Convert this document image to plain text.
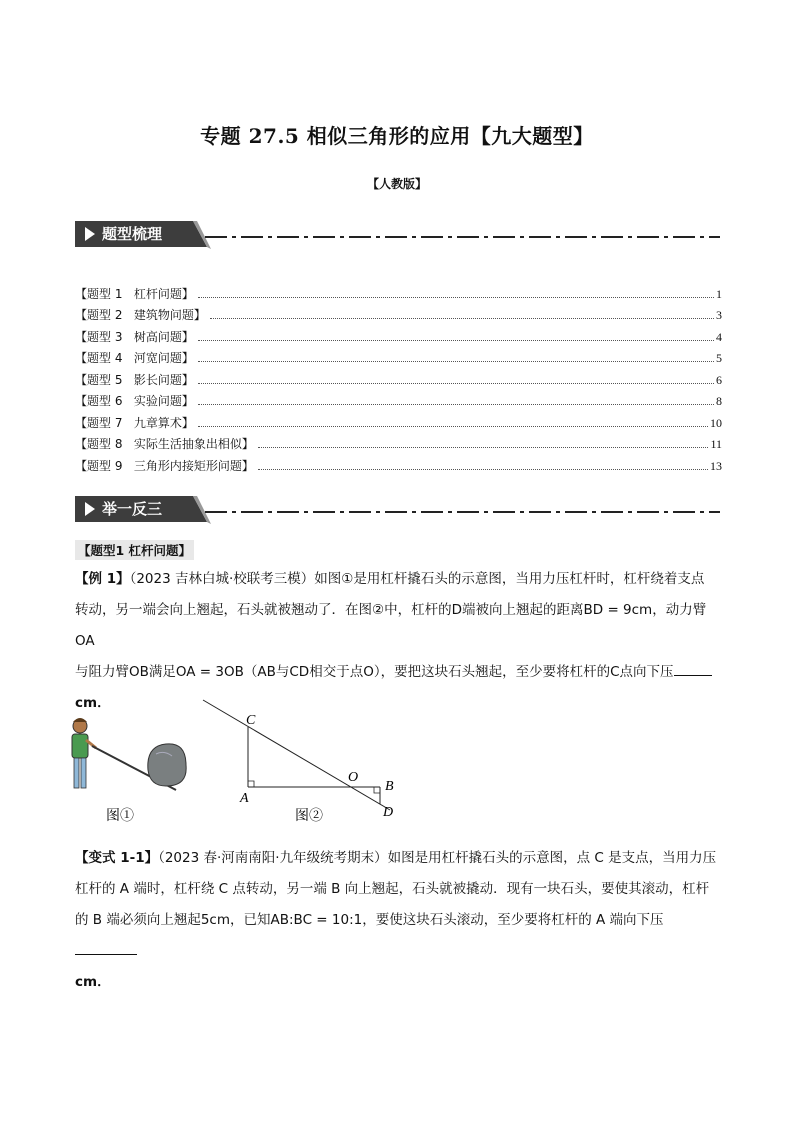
专题 27.5 相似三角形的应用【九大题型】
【人教版】
题型梳理
【题型 1   杠杆问题】	1
【题型 2   建筑物问题】	3
【题型 3   树高问题】	4
【题型 4   河宽问题】	5
【题型 5   影长问题】	6
【题型 6   实验问题】	8
【题型 7   九章算术】	10
【题型 8   实际生活抽象出相似】	11
【题型 9   三角形内接矩形问题】	13
举一反三
【题型1 杠杆问题】
【例 1】（2023 吉林白城·校联考三模）如图①是用杠杆撬石头的示意图，当用力压杠杆时，杠杆绕着支点
转动，另一端会向上翘起，石头就被翘动了．在图②中，杠杆的D端被向上翘起的距离BD = 9cm，动力臂OA
与阻力臂OB满足OA = 3OB（AB与CD相交于点O），要把这块石头翘起，至少要将杠杆的C点向下压
cm．
图①
C
A
O
B
D
图②
【变式 1-1】（2023 春·河南南阳·九年级统考期末）如图是用杠杆撬石头的示意图，点 C 是支点，当用力压
杠杆的 A 端时，杠杆绕 C 点转动，另一端 B 向上翘起，石头就被撬动．现有一块石头，要使其滚动，杠杆
的 B 端必须向上翘起5cm，已知AB:BC = 10:1，要使这块石头滚动，至少要将杠杆的 A 端向下压
cm．
